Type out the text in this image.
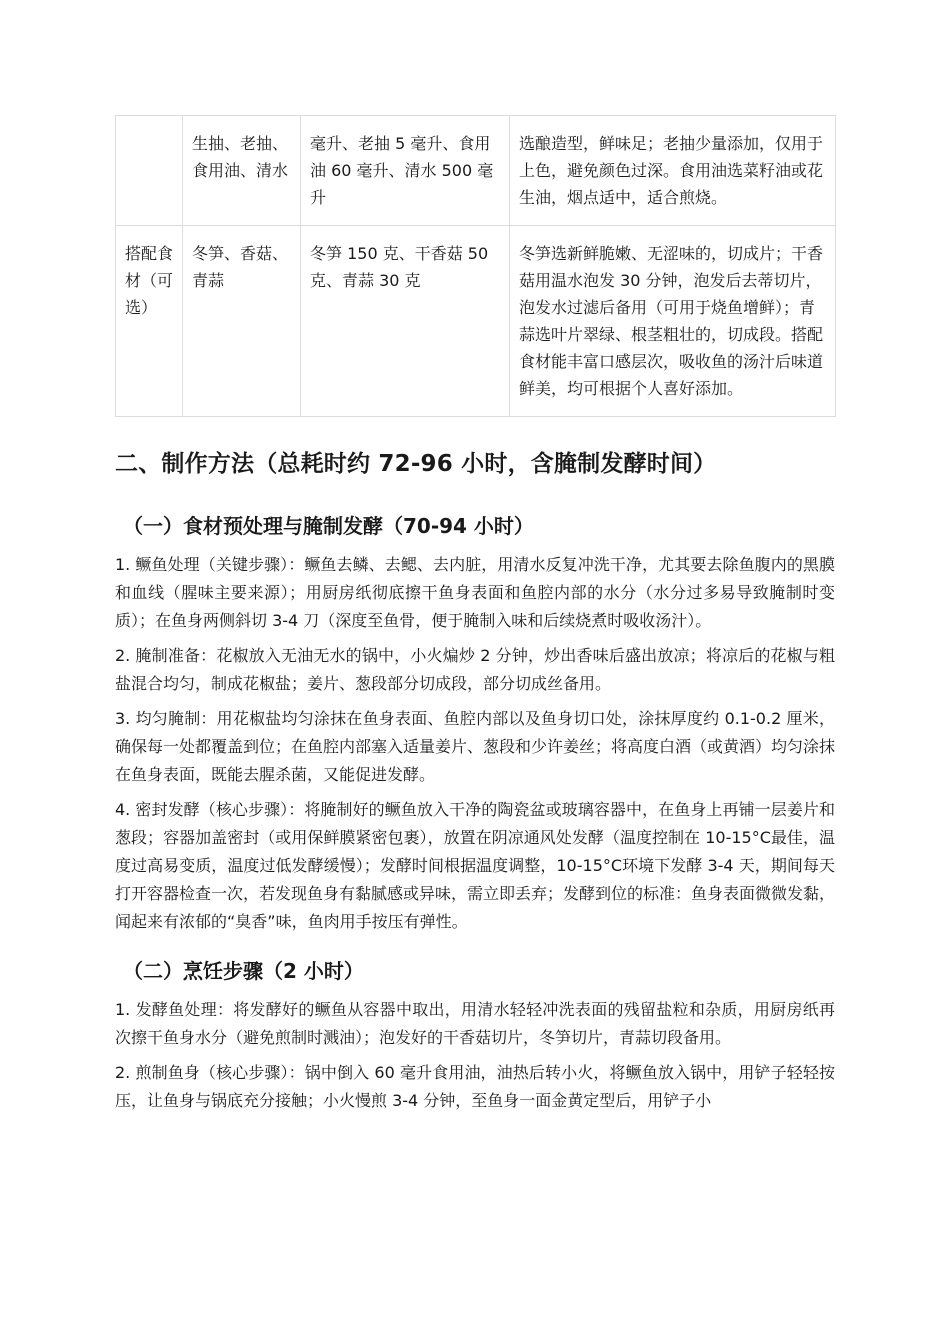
	生抽、老抽、食用油、清水	毫升、老抽 5 毫升、食用油 60 毫升、清水 500 毫升	选酿造型，鲜味足；老抽少量添加，仅用于上色，避免颜色过深。食用油选菜籽油或花生油，烟点适中，适合煎烧。
搭配食材（可选）	冬笋、香菇、青蒜	冬笋 150 克、干香菇 50 克、青蒜 30 克	冬笋选新鲜脆嫩、无涩味的，切成片；干香菇用温水泡发 30 分钟，泡发后去蒂切片，泡发水过滤后备用（可用于烧鱼增鲜）；青蒜选叶片翠绿、根茎粗壮的，切成段。搭配食材能丰富口感层次，吸收鱼的汤汁后味道鲜美，均可根据个人喜好添加。
二、制作方法（总耗时约 72-96 小时，含腌制发酵时间）
（一）食材预处理与腌制发酵（70-94 小时）

1. 鳜鱼处理（关键步骤）：鳜鱼去鳞、去鳃、去内脏，用清水反复冲洗干净，尤其要去除鱼腹内的黑膜和血线（腥味主要来源）；用厨房纸彻底擦干鱼身表面和鱼腔内部的水分（水分过多易导致腌制时变质）；在鱼身两侧斜切 3-4 刀（深度至鱼骨，便于腌制入味和后续烧煮时吸收汤汁）。

2. 腌制准备：花椒放入无油无水的锅中，小火煸炒 2 分钟，炒出香味后盛出放凉；将凉后的花椒与粗盐混合均匀，制成花椒盐；姜片、葱段部分切成段，部分切成丝备用。

3. 均匀腌制：用花椒盐均匀涂抹在鱼身表面、鱼腔内部以及鱼身切口处，涂抹厚度约 0.1-0.2 厘米，确保每一处都覆盖到位；在鱼腔内部塞入适量姜片、葱段和少许姜丝；将高度白酒（或黄酒）均匀涂抹在鱼身表面，既能去腥杀菌，又能促进发酵。

4. 密封发酵（核心步骤）：将腌制好的鳜鱼放入干净的陶瓷盆或玻璃容器中，在鱼身上再铺一层姜片和葱段；容器加盖密封（或用保鲜膜紧密包裹），放置在阴凉通风处发酵（温度控制在 10-15°C最佳，温度过高易变质，温度过低发酵缓慢）；发酵时间根据温度调整，10-15°C环境下发酵 3-4 天，期间每天打开容器检查一次，若发现鱼身有黏腻感或异味，需立即丢弃；发酵到位的标准：鱼身表面微微发黏，闻起来有浓郁的“臭香”味，鱼肉用手按压有弹性。

（二）烹饪步骤（2 小时）

1. 发酵鱼处理：将发酵好的鳜鱼从容器中取出，用清水轻轻冲洗表面的残留盐粒和杂质，用厨房纸再次擦干鱼身水分（避免煎制时溅油）；泡发好的干香菇切片，冬笋切片，青蒜切段备用。

2. 煎制鱼身（核心步骤）：锅中倒入 60 毫升食用油，油热后转小火，将鳜鱼放入锅中，用铲子轻轻按压，让鱼身与锅底充分接触；小火慢煎 3-4 分钟，至鱼身一面金黄定型后，用铲子小
